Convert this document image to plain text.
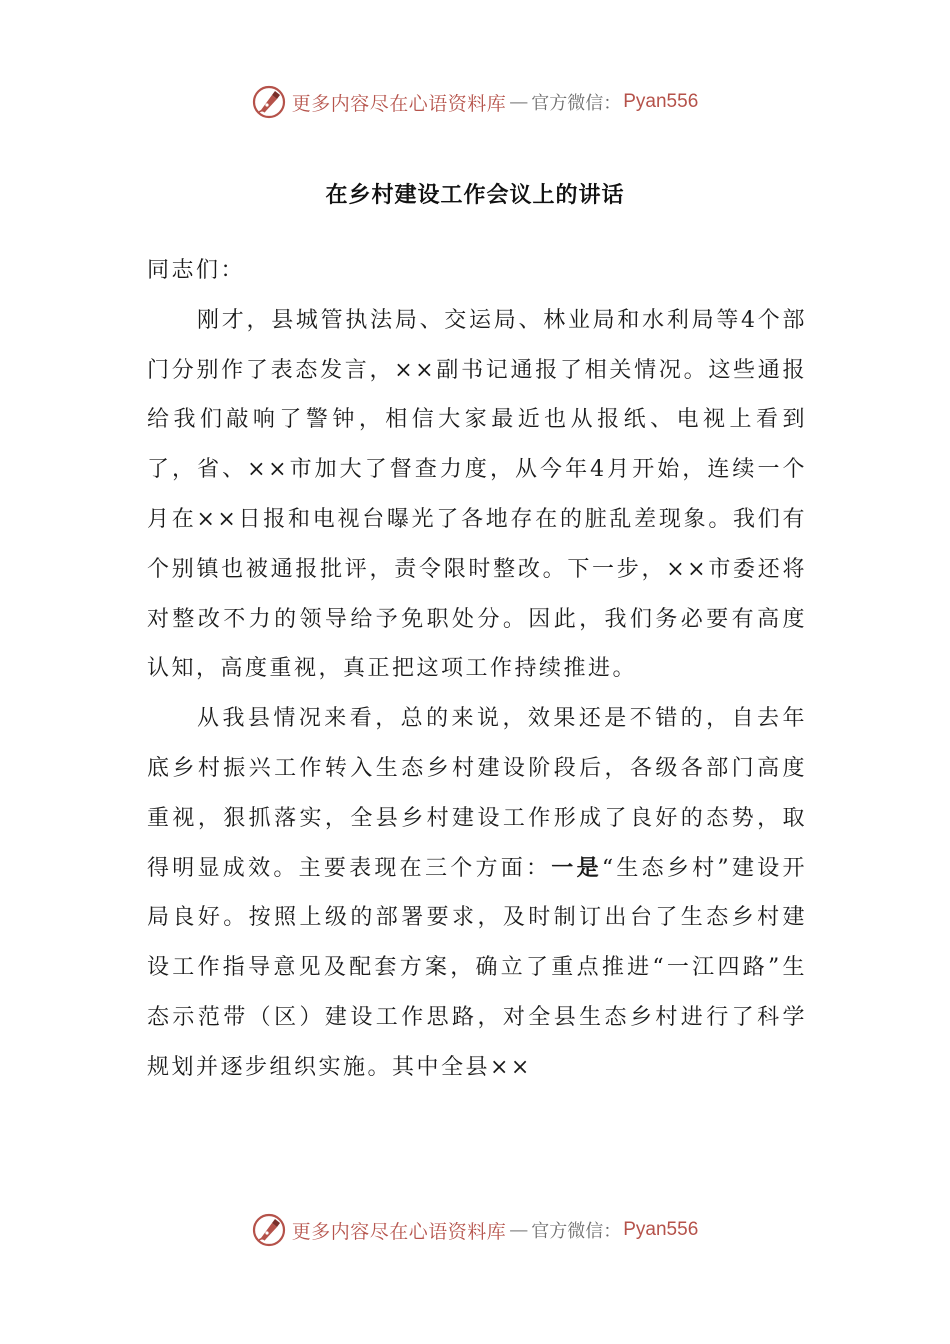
更多内容尽在心语资料库 — 官方微信： Pyan556
在乡村建设工作会议上的讲话

同志们：

刚才，县城管执法局、交运局、林业局和水利局等4个部门分别作了表态发言，××副书记通报了相关情况。这些通报给我们敲响了警钟，相信大家最近也从报纸、电视上看到了，省、××市加大了督查力度，从今年4月开始，连续一个月在××日报和电视台曝光了各地存在的脏乱差现象。我们有个别镇也被通报批评，责令限时整改。下一步，××市委还将对整改不力的领导给予免职处分。因此，我们务必要有高度认知，高度重视，真正把这项工作持续推进。

从我县情况来看，总的来说，效果还是不错的，自去年底乡村振兴工作转入生态乡村建设阶段后，各级各部门高度重视，狠抓落实，全县乡村建设工作形成了良好的态势，取得明显成效。主要表现在三个方面：一是“生态乡村”建设开局良好。按照上级的部署要求，及时制订出台了生态乡村建设工作指导意见及配套方案，确立了重点推进“一江四路”生态示范带（区）建设工作思路，对全县生态乡村进行了科学规划并逐步组织实施。其中全县××

更多内容尽在心语资料库 — 官方微信： Pyan556
